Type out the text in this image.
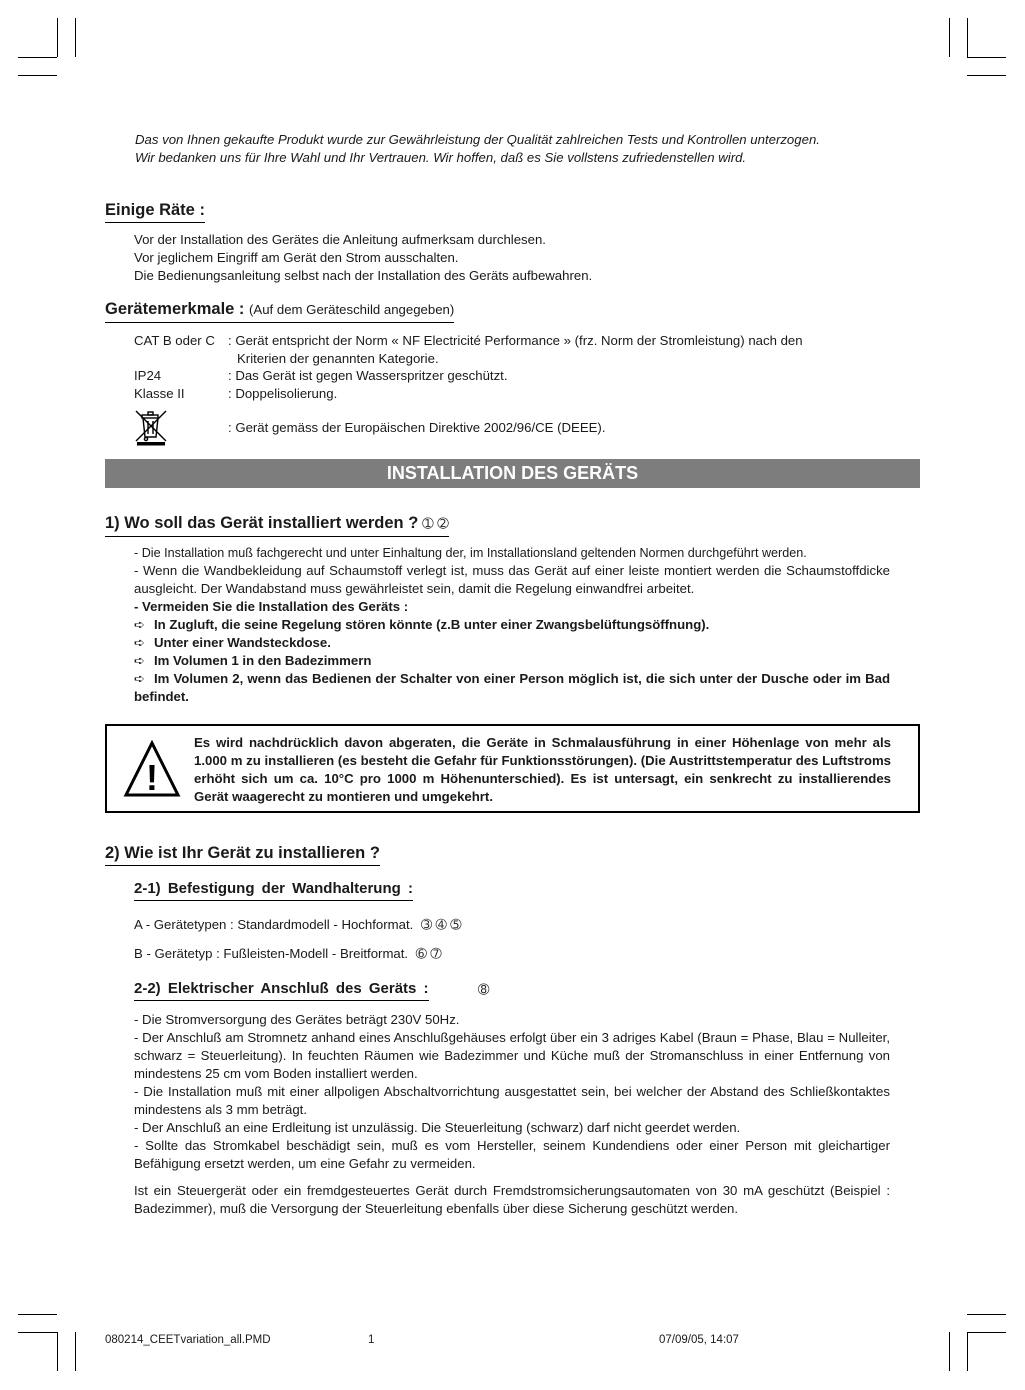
Das von Ihnen gekaufte Produkt wurde zur Gewährleistung der Qualität zahlreichen Tests und Kontrollen unterzogen.

Wir bedanken uns für Ihre Wahl und Ihr Vertrauen. Wir hoffen, daß es Sie vollstens zufriedenstellen wird.

Einige Räte :

Vor der Installation des Gerätes die Anleitung aufmerksam durchlesen.

Vor jeglichem Eingriff am Gerät den Strom ausschalten.

Die Bedienungsanleitung selbst nach der Installation des Geräts aufbewahren.

Gerätemerkmale : (Auf dem Geräteschild angegeben)
CAT B oder C : Gerät entspricht der Norm « NF Electricité Performance » (frz. Norm der Stromleistung) nach den
Kriterien der genannten Kategorie.
IP24	: Das Gerät ist gegen Wasserspritzer geschützt.
Klasse II	: Doppelisolierung.
: Gerät gemäss der Europäischen Direktive 2002/96/CE (DEEE).
INSTALLATION DES GERÄTS
1) Wo soll das Gerät installiert werden ? ➀ ➁

- Die Installation muß fachgerecht und unter Einhaltung der, im Installationsland geltenden Normen durchgeführt werden.

- Wenn die Wandbekleidung auf Schaumstoff verlegt ist, muss das Gerät auf einer leiste montiert werden die Schaumstoffdicke ausgleicht. Der Wandabstand muss gewährleistet sein, damit die Regelung einwandfrei arbeitet.

- Vermeiden Sie die Installation des Geräts :

➪ In Zugluft, die seine Regelung stören könnte (z.B unter einer Zwangsbelüftungsöffnung).

➪ Unter einer Wandsteckdose.

➪ Im Volumen 1 in den Badezimmern

➪ Im Volumen 2, wenn das Bedienen der Schalter von einer Person möglich ist, die sich unter der Dusche oder im Bad befindet.

!
Es wird nachdrücklich davon abgeraten, die Geräte in Schmalausführung in einer Höhenlage von mehr als 1.000 m zu installieren (es besteht die Gefahr für Funktionsstörungen). (Die Austrittstemperatur des Luftstroms erhöht sich um ca. 10°C pro 1000 m Höhenunterschied). Es ist untersagt, ein senkrecht zu installierendes Gerät waagerecht zu montieren und umgekehrt.
2) Wie ist Ihr Gerät zu installieren ?
2-1) Befestigung der Wandhalterung :
A - Gerätetypen : Standardmodell - Hochformat. ➂ ➃ ➄
B - Gerätetyp : Fußleisten-Modell - Breitformat. ➅ ➆
2-2) Elektrischer Anschluß des Geräts :	➇

- Die Stromversorgung des Gerätes beträgt 230V 50Hz.

- Der Anschluß am Stromnetz anhand eines Anschlußgehäuses erfolgt über ein 3 adriges Kabel (Braun = Phase, Blau = Nulleiter, schwarz = Steuerleitung). In feuchten Räumen wie Badezimmer und Küche muß der Stromanschluss in einer Entfernung von mindestens 25 cm vom Boden installiert werden.

- Die Installation muß mit einer allpoligen Abschaltvorrichtung ausgestattet sein, bei welcher der Abstand des Schließkontaktes mindestens als 3 mm beträgt.

- Der Anschluß an eine Erdleitung ist unzulässig. Die Steuerleitung (schwarz) darf nicht geerdet werden.

- Sollte das Stromkabel beschädigt sein, muß es vom Hersteller, seinem Kundendiens oder einer Person mit gleichartiger Befähigung ersetzt werden, um eine Gefahr zu vermeiden.

Ist ein Steuergerät oder ein fremdgesteuertes Gerät durch Fremdstromsicherungsautomaten von 30 mA geschützt (Beispiel : Badezimmer), muß die Versorgung der Steuerleitung ebenfalls über diese Sicherung geschützt werden.

080214_CEETvariation_all.PMD	1	07/09/05, 14:07
